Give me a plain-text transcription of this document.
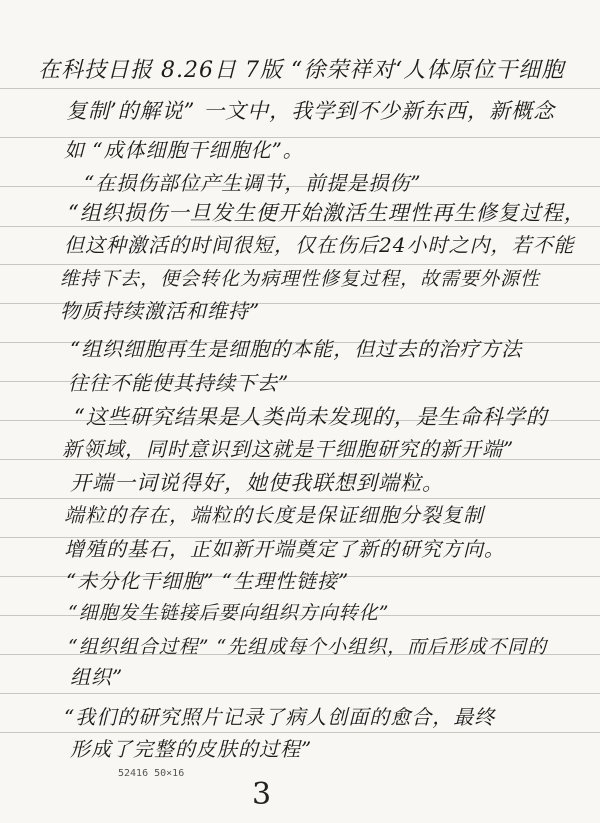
在科技日报 8.26日 7版 “徐荣祥对‘人体原位干细胞
复制’的解说” 一文中，我学到不少新东西，新概念
如 “成体细胞干细胞化”。
“在损伤部位产生调节，前提是损伤”
“组织损伤一旦发生便开始激活生理性再生修复过程，
但这种激活的时间很短，仅在伤后24小时之内，若不能
维持下去，便会转化为病理性修复过程，故需要外源性
物质持续激活和维持”
“组织细胞再生是细胞的本能，但过去的治疗方法
往往不能使其持续下去”
“这些研究结果是人类尚未发现的，是生命科学的
新领域，同时意识到这就是干细胞研究的新开端”
开端一词说得好，她使我联想到端粒。
端粒的存在，端粒的长度是保证细胞分裂复制
增殖的基石，正如新开端奠定了新的研究方向。
“未分化干细胞” “生理性链接”
“细胞发生链接后要向组织方向转化”
“组织组合过程” “先组成每个小组织，而后形成不同的
组织”
“我们的研究照片记录了病人创面的愈合，最终
形成了完整的皮肤的过程”
52416 50×16
3
